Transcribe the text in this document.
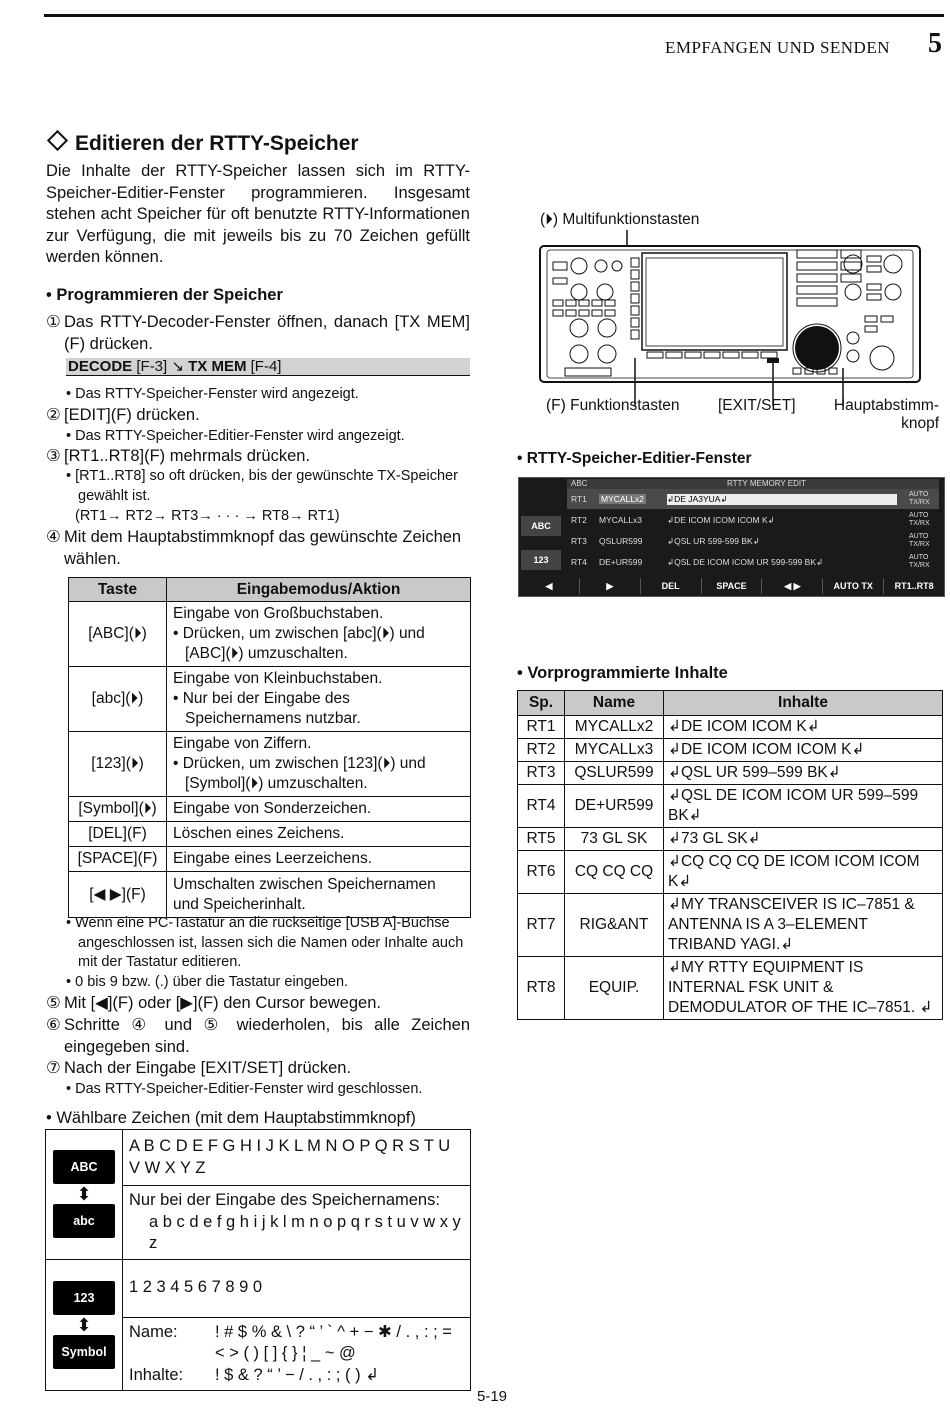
EMPFANGEN UND SENDEN 5
Editieren der RTTY-Speicher
Die Inhalte der RTTY-Speicher lassen sich im RTTY-Speicher-Editier-Fenster programmieren. Insgesamt stehen acht Speicher für oft benutzte RTTY-Informationen zur Verfügung, die mit jeweils bis zu 70 Zeichen gefüllt werden können.
• Programmieren der Speicher
① Das RTTY-Decoder-Fenster öffnen, danach [TX MEM](F) drücken.
DECODE [F-3] ↘ TX MEM [F-4]
• Das RTTY-Speicher-Fenster wird angezeigt.
② [EDIT](F) drücken.
• Das RTTY-Speicher-Editier-Fenster wird angezeigt.
③ [RT1..RT8](F) mehrmals drücken.
• [RT1..RT8] so oft drücken, bis der gewünschte TX-Speicher gewählt ist.
(RT1→ RT2→ RT3→ · · · → RT8→ RT1)
④ Mit dem Hauptabstimmknopf das gewünschte Zeichen wählen.
Taste	Eingabemodus/Aktion
[ABC](⏵)	Eingabe von Großbuchstaben.
• Drücken, um zwischen [abc](⏵) und [ABC](⏵) umzuschalten.

[abc](⏵)	Eingabe von Kleinbuchstaben.
• Nur bei der Eingabe des Speichernamens nutzbar.

[123](⏵)	Eingabe von Ziffern.
• Drücken, um zwischen [123](⏵) und [Symbol](⏵) umzuschalten.

[Symbol](⏵)	Eingabe von Sonderzeichen.
[DEL](F)	Löschen eines Zeichens.
[SPACE](F)	Eingabe eines Leerzeichens.
[◀ ▶](F)	Umschalten zwischen Speichernamen und Speicherinhalt.
• Wenn eine PC-Tastatur an die rückseitige [USB A]-Buchse angeschlossen ist, lassen sich die Namen oder Inhalte auch mit der Tastatur editieren.
• 0 bis 9 bzw. (.) über die Tastatur eingeben.
⑤ Mit [◀](F) oder [▶](F) den Cursor bewegen.
⑥ Schritte ④ und ⑤ wiederholen, bis alle Zeichen eingegeben sind.
⑦ Nach der Eingabe [EXIT/SET] drücken.
• Das RTTY-Speicher-Editier-Fenster wird geschlossen.
• Wählbare Zeichen (mit dem Hauptabstimmknopf)
ABC
⬍
abc	A B C D E F G H I J K L M N O P Q R S T U V W X Y Z

	Nur bei der Eingabe des Speichernamens:
a b c d e f g h i j k l m n o p q r s t u v w x y z

123
⬍
Symbol	1 2 3 4 5 6 7 8 9 0

	Name: ! # $ % & \ ? “ ’ ` ^ + − ✱ / . , : ; = < > ( ) [ ] { } ¦ _ ~ @
Inhalte: ! $ & ? “ ’ − / . , : ; ( ) ↲
5-19
(⏵) Multifunktionstasten
(F) Funktionstasten [EXIT/SET]	Hauptabstimm-
knopf
• RTTY-Speicher-Editier-Fenster
ABC	RTTY MEMORY EDIT
ABC
123
RT1 MYCALLx2	↲DE JA3YUA↲	AUTO TX/RX
RT2 MYCALLx3	↲DE ICOM ICOM ICOM K↲	AUTO TX/RX
RT3 QSLUR599	↲QSL UR 599-599 BK↲	AUTO TX/RX
RT4 DE+UR599	↲QSL DE ICOM ICOM UR 599-599 BK↲	AUTO TX/RX
◀	▶	DEL	SPACE	◀ ▶	AUTO TX	RT1..RT8
• Vorprogrammierte Inhalte
Sp.	Name	Inhalte
RT1	MYCALLx2	↲DE ICOM ICOM K↲
RT2	MYCALLx3	↲DE ICOM ICOM ICOM K↲
RT3	QSLUR599	↲QSL UR 599–599 BK↲
RT4	DE+UR599	↲QSL DE ICOM ICOM UR 599–599 BK↲
RT5	73 GL SK	↲73 GL SK↲
RT6	CQ CQ CQ	↲CQ CQ CQ DE ICOM ICOM ICOM K↲
RT7	RIG&ANT	↲MY TRANSCEIVER IS IC–7851 & ANTENNA IS A 3–ELEMENT TRIBAND YAGI.↲
RT8	EQUIP.	↲MY RTTY EQUIPMENT IS INTERNAL FSK UNIT & DEMODULATOR OF THE IC–7851. ↲
